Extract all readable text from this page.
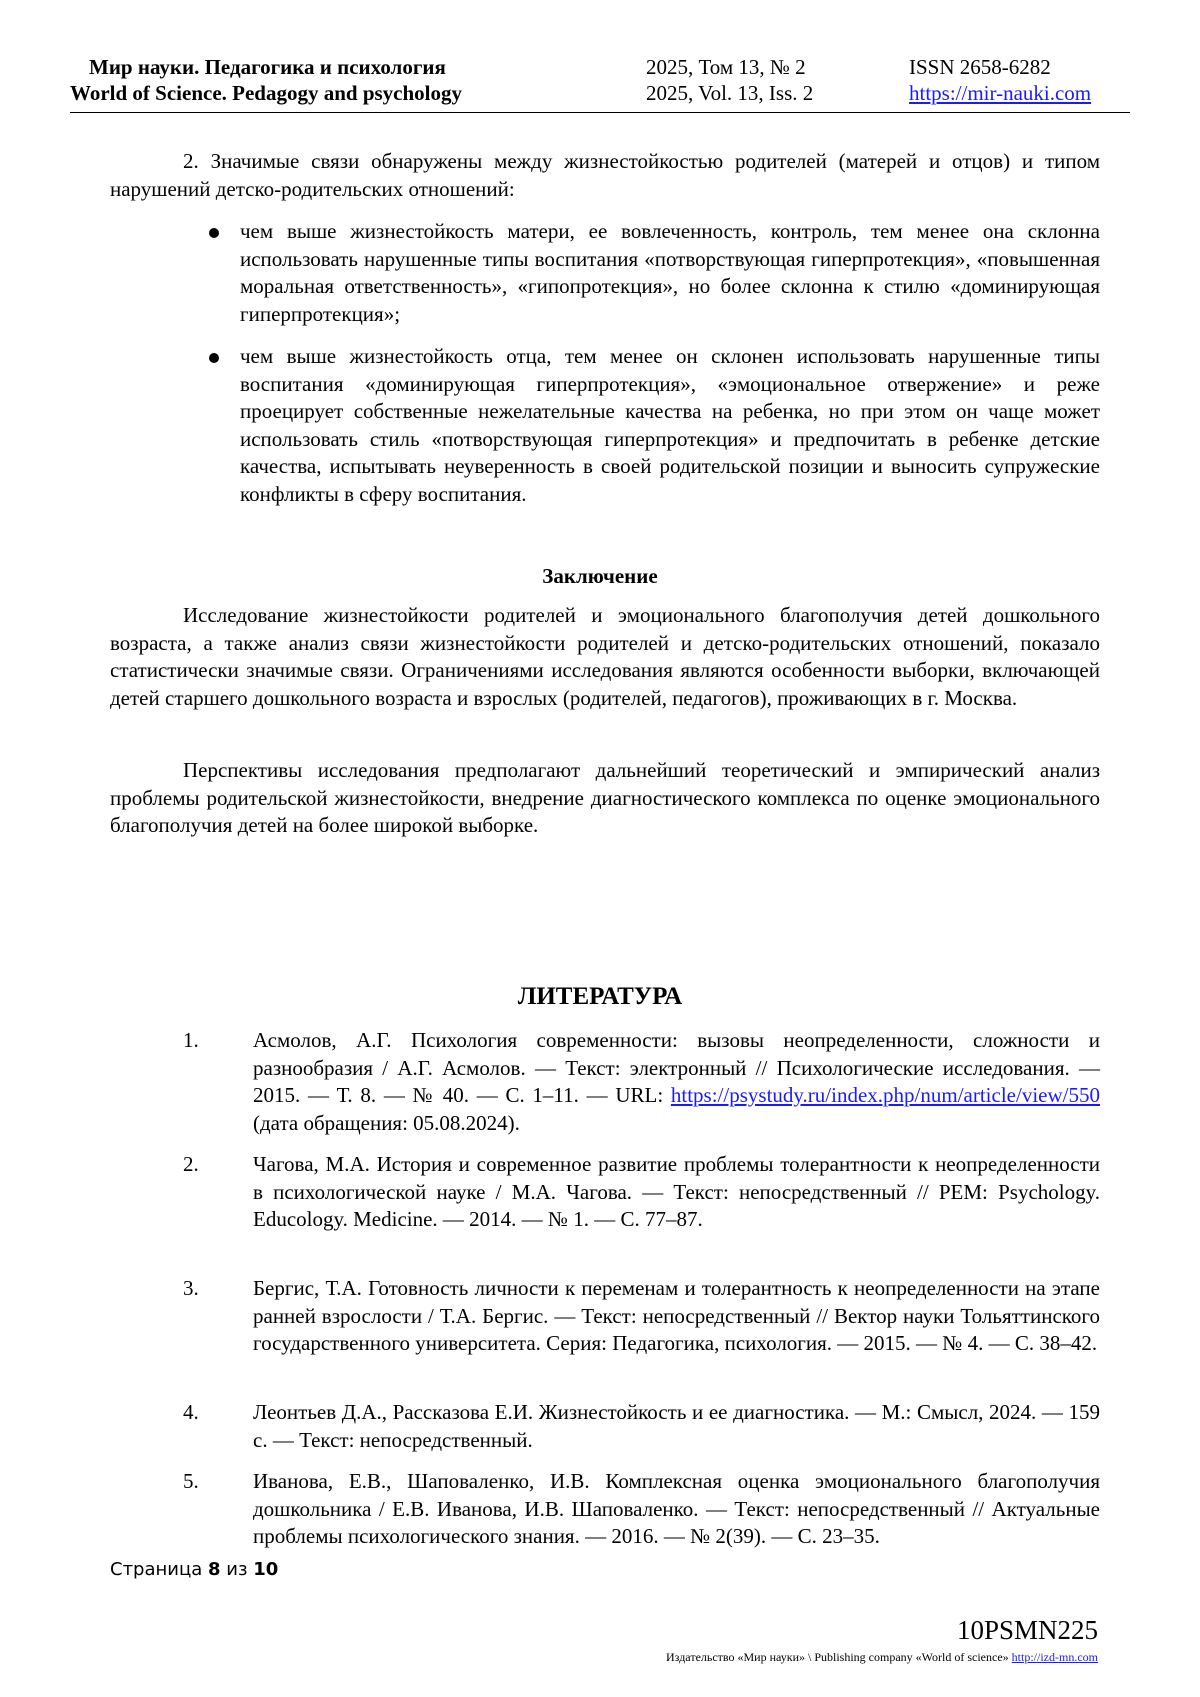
Мир науки. Педагогика и психология
World of Science. Pedagogy and psychology
2025, Том 13, № 2
2025, Vol. 13, Iss. 2
ISSN 2658-6282
https://mir-nauki.com

2. Значимые связи обнаружены между жизнестойкостью родителей (матерей и отцов) и типом нарушений детско-родительских отношений:

чем выше жизнестойкость матери, ее вовлеченность, контроль, тем менее она склонна использовать нарушенные типы воспитания «потворствующая гиперпротекция», «повышенная моральная ответственность», «гипопротекция», но более склонна к стилю «доминирующая гиперпротекция»;

чем выше жизнестойкость отца, тем менее он склонен использовать нарушенные типы воспитания «доминирующая гиперпротекция», «эмоциональное отвержение» и реже проецирует собственные нежелательные качества на ребенка, но при этом он чаще может использовать стиль «потворствующая гиперпротекция» и предпочитать в ребенке детские качества, испытывать неуверенность в своей родительской позиции и выносить супружеские конфликты в сферу воспитания.

Заключение

Исследование жизнестойкости родителей и эмоционального благополучия детей дошкольного возраста, а также анализ связи жизнестойкости родителей и детско-родительских отношений, показало статистически значимые связи. Ограничениями исследования являются особенности выборки, включающей детей старшего дошкольного возраста и взрослых (родителей, педагогов), проживающих в г. Москва.

Перспективы исследования предполагают дальнейший теоретический и эмпирический анализ проблемы родительской жизнестойкости, внедрение диагностического комплекса по оценке эмоционального благополучия детей на более широкой выборке.

ЛИТЕРАТУРА

1.	Асмолов, А.Г. Психология современности: вызовы неопределенности, сложности и разнообразия / А.Г. Асмолов. — Текст: электронный // Психологические исследования. — 2015. — Т. 8. — № 40. — С. 1–11. — URL: https://psystudy.ru/index.php/num/article/view/550 (дата обращения: 05.08.2024).

2.	Чагова, М.А. История и современное развитие проблемы толерантности к неопределенности в психологической науке / М.А. Чагова. — Текст: непосредственный // PEM: Psychology. Educology. Medicine. — 2014. — № 1. — С. 77–87.

3.	Бергис, Т.А. Готовность личности к переменам и толерантность к неопределенности на этапе ранней взрослости / Т.А. Бергис. — Текст: непосредственный // Вектор науки Тольяттинского государственного университета. Серия: Педагогика, психология. — 2015. — № 4. — С. 38–42.

4.	Леонтьев Д.А., Рассказова Е.И. Жизнестойкость и ее диагностика. — М.: Смысл, 2024. — 159 с. — Текст: непосредственный.

5.	Иванова, Е.В., Шаповаленко, И.В. Комплексная оценка эмоционального благополучия дошкольника / Е.В. Иванова, И.В. Шаповаленко. — Текст: непосредственный // Актуальные проблемы психологического знания. — 2016. — № 2(39). — С. 23–35.

Страница 8 из 10
10PSMN225
Издательство «Мир науки» \ Publishing company «World of science» http://izd-mn.com
